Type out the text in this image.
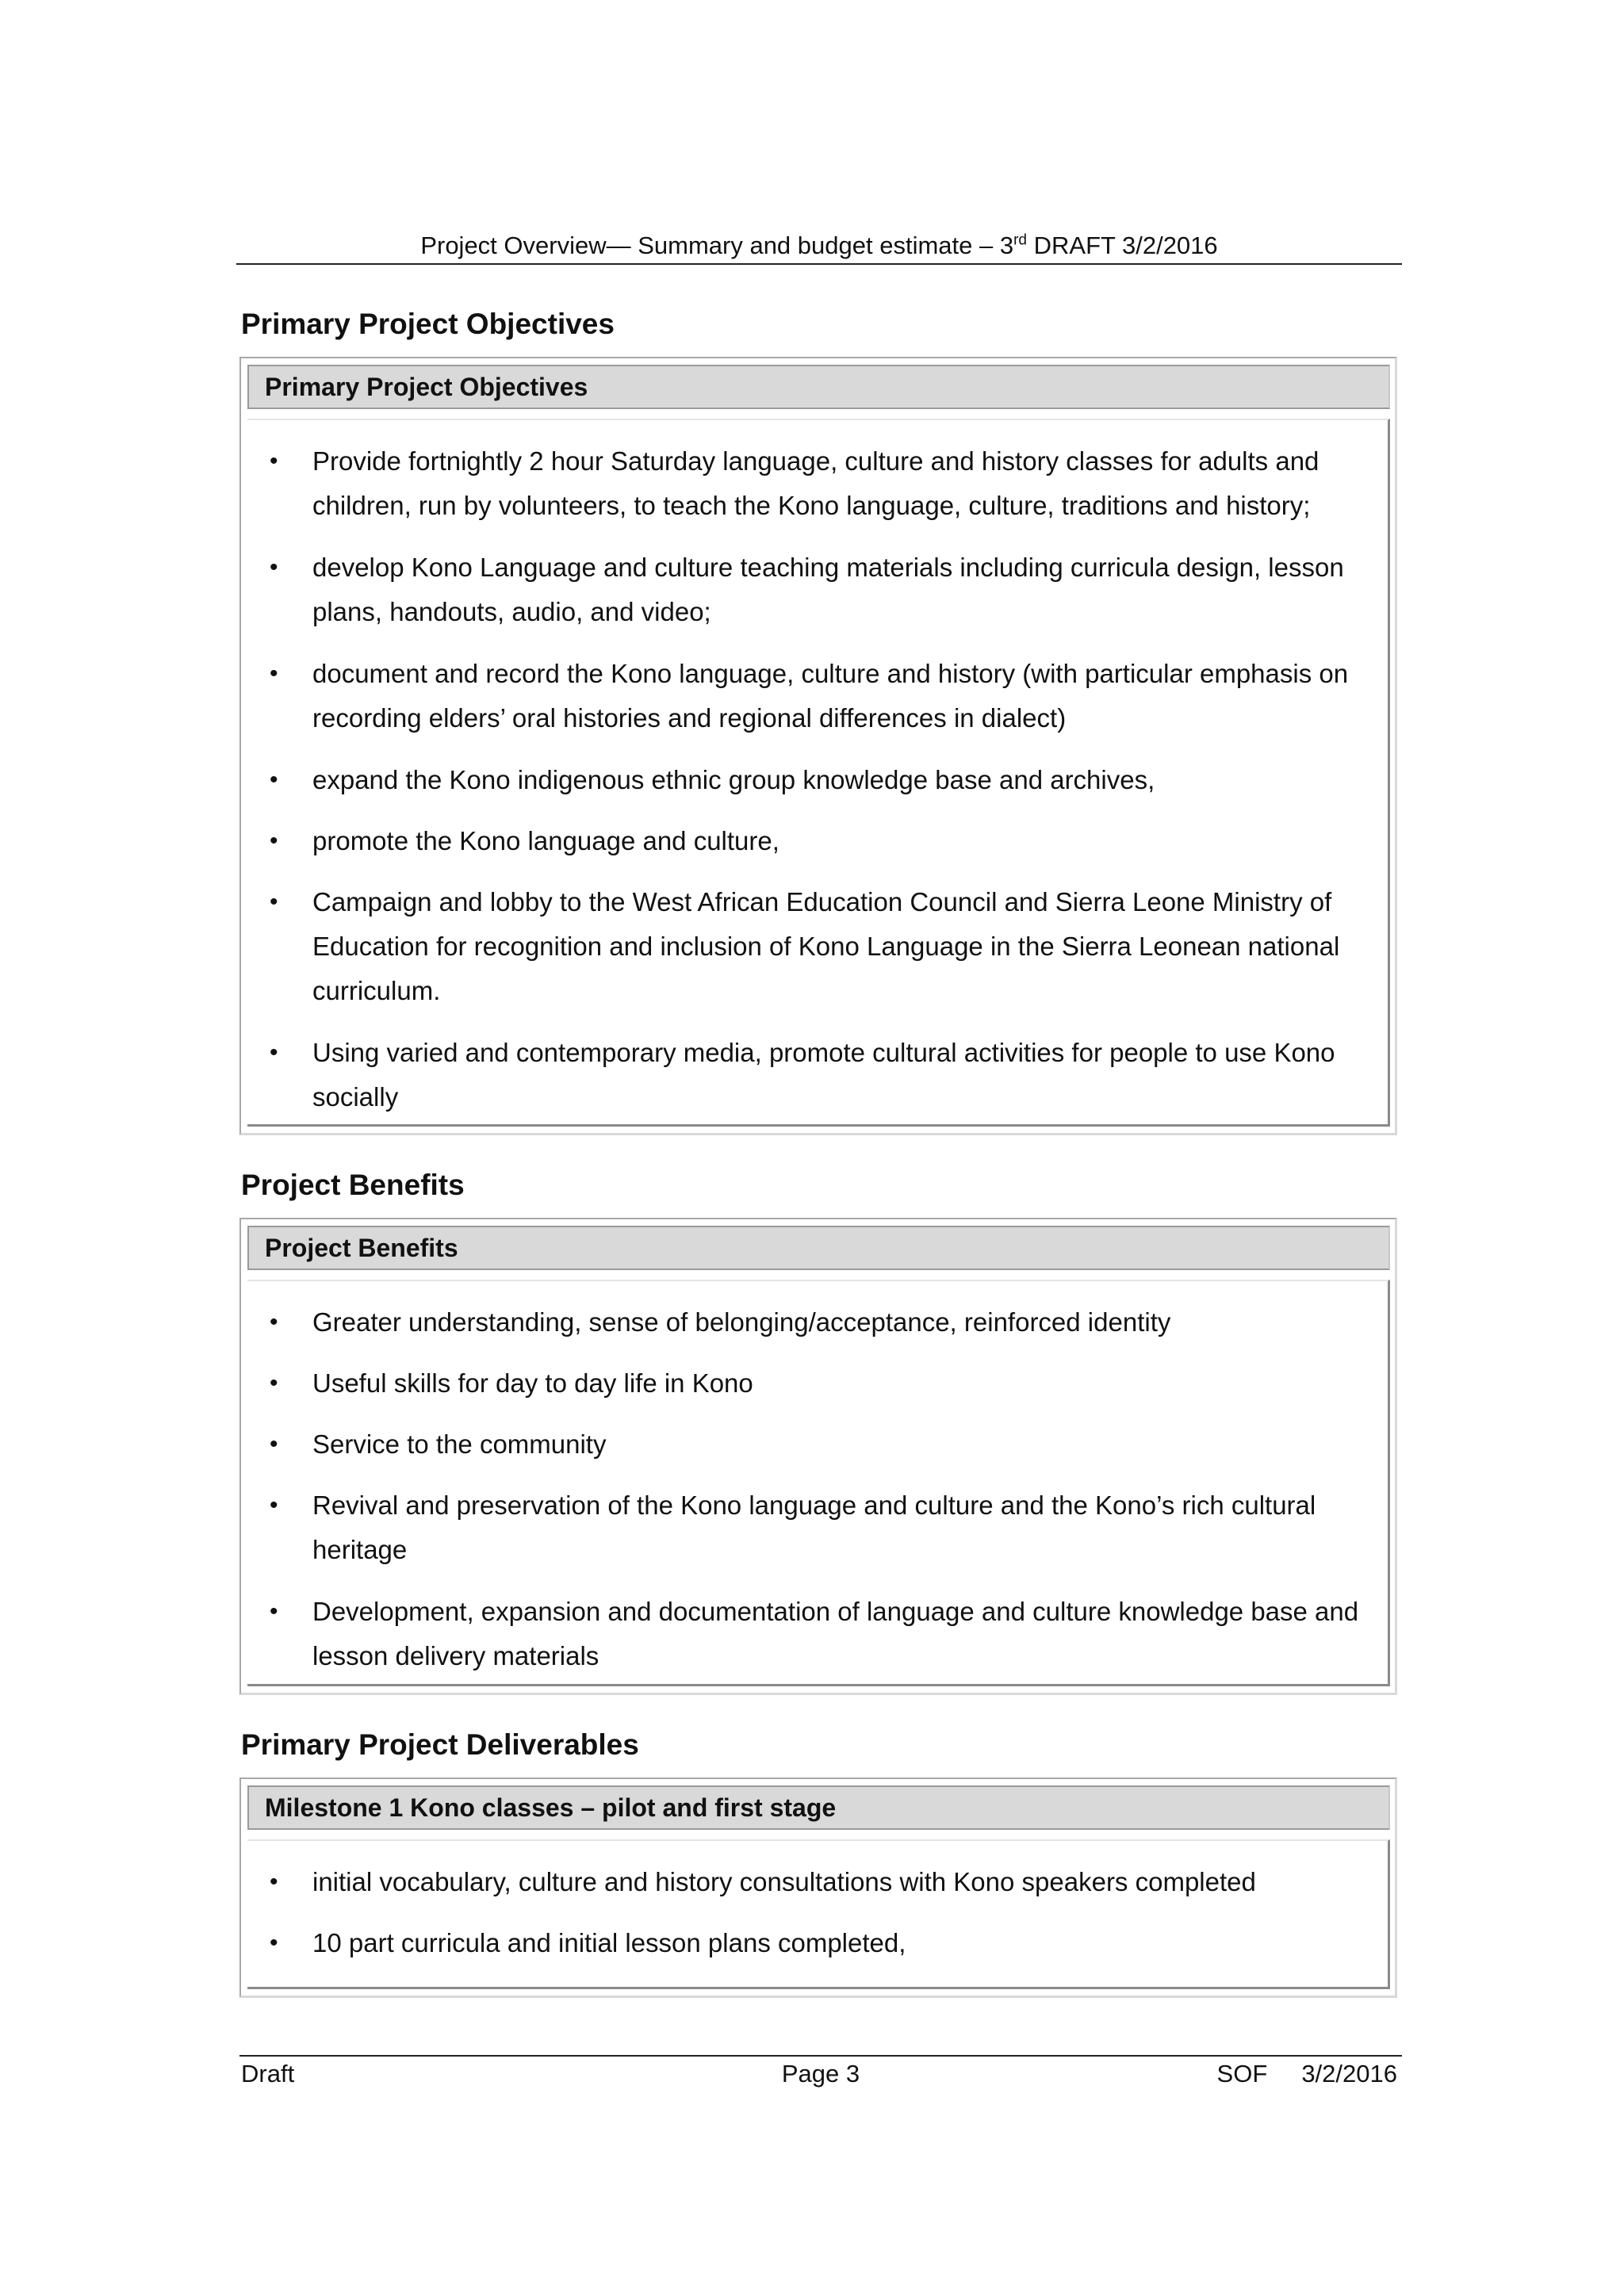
Project Overview— Summary and budget estimate – 3rd DRAFT 3/2/2016
Primary Project Objectives
Primary Project Objectives
• Provide fortnightly 2 hour Saturday language, culture and history classes for adults and children, run by volunteers, to teach the Kono language, culture, traditions and history;
• develop Kono Language and culture teaching materials including curricula design, lesson plans, handouts, audio, and video;
• document and record the Kono language, culture and history (with particular emphasis on recording elders’ oral histories and regional differences in dialect)
• expand the Kono indigenous ethnic group knowledge base and archives,
• promote the Kono language and culture,
• Campaign and lobby to the West African Education Council and Sierra Leone Ministry of Education for recognition and inclusion of Kono Language in the Sierra Leonean national curriculum.
• Using varied and contemporary media, promote cultural activities for people to use Kono socially
Project Benefits
Project Benefits
• Greater understanding, sense of belonging/acceptance, reinforced identity
• Useful skills for day to day life in Kono
• Service to the community
• Revival and preservation of the Kono language and culture and the Kono’s rich cultural heritage
• Development, expansion and documentation of language and culture knowledge base and lesson delivery materials
Primary Project Deliverables
Milestone 1 Kono classes – pilot and first stage
• initial vocabulary, culture and history consultations with Kono speakers completed
• 10 part curricula and initial lesson plans completed,
Draft	Page 3	SOF     3/2/2016
